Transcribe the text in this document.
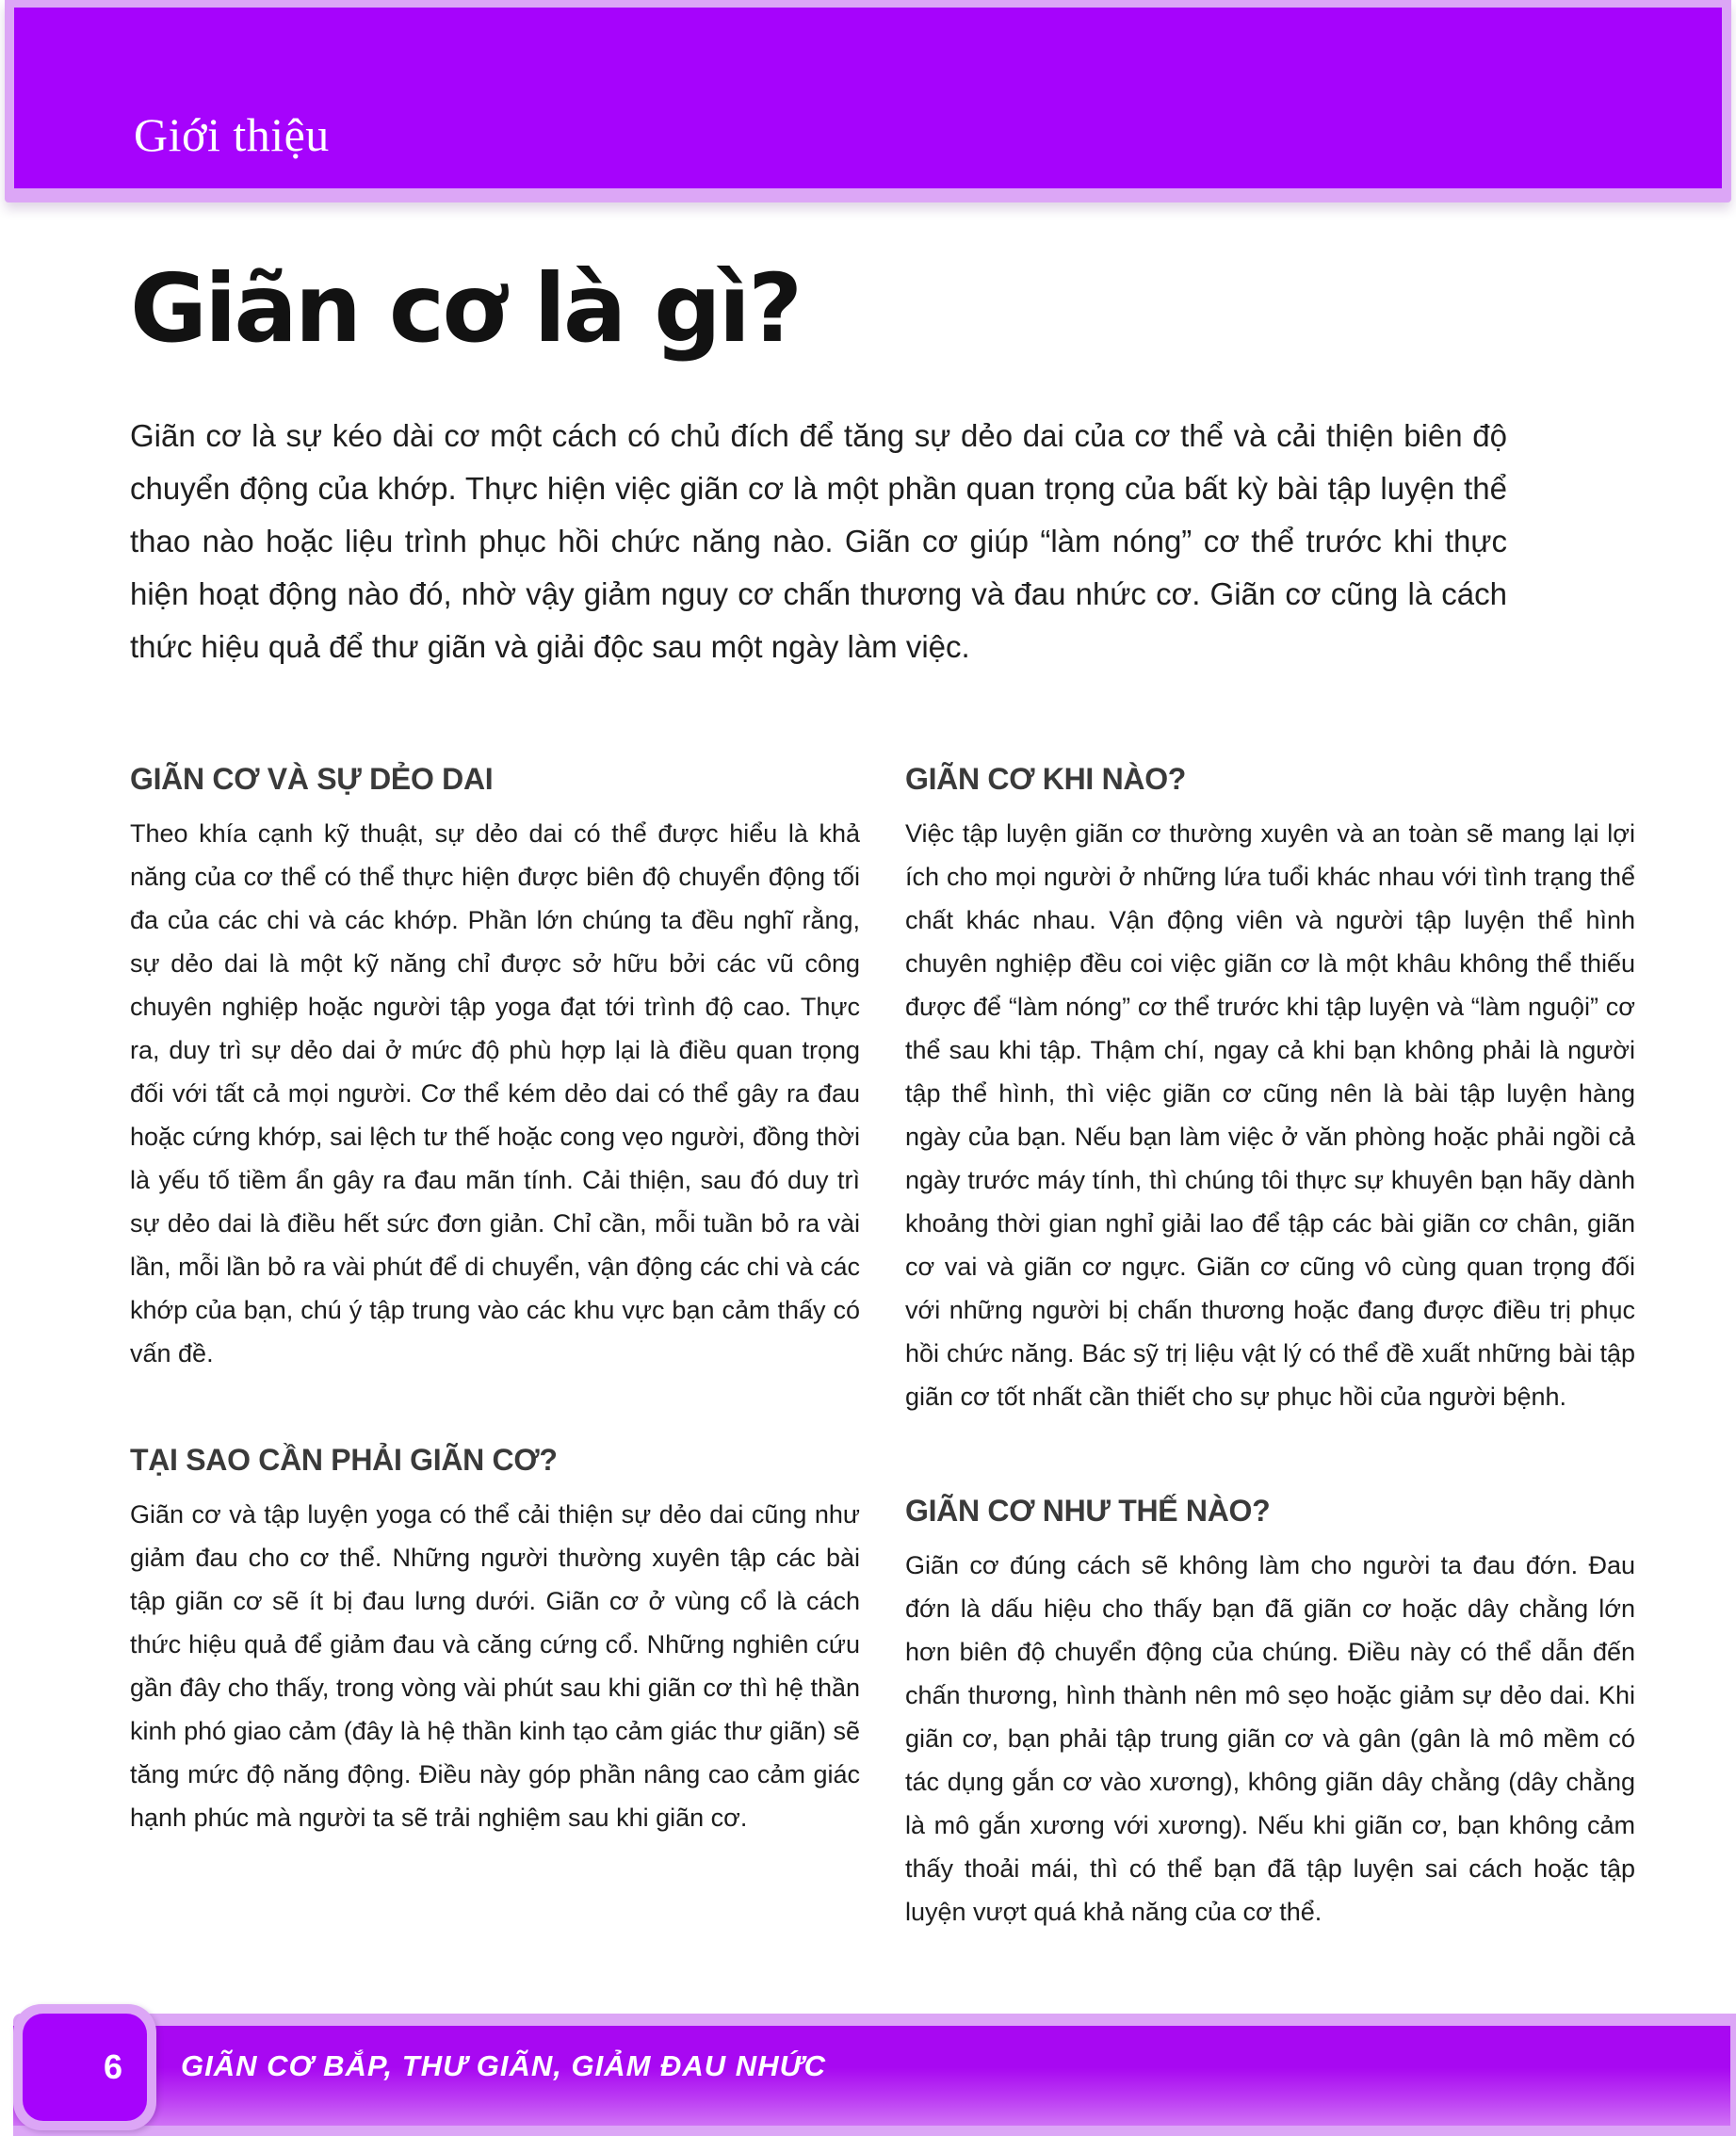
Giới thiệu
Giãn cơ là gì?

Giãn cơ là sự kéo dài cơ một cách có chủ đích để tăng sự dẻo dai của cơ thể và cải thiện biên độ chuyển động của khớp. Thực hiện việc giãn cơ là một phần quan trọng của bất kỳ bài tập luyện thể thao nào hoặc liệu trình phục hồi chức năng nào. Giãn cơ giúp “làm nóng” cơ thể trước khi thực hiện hoạt động nào đó, nhờ vậy giảm nguy cơ chấn thương và đau nhức cơ. Giãn cơ cũng là cách thức hiệu quả để thư giãn và giải độc sau một ngày làm việc.

GIÃN CƠ VÀ SỰ DẺO DAI

Theo khía cạnh kỹ thuật, sự dẻo dai có thể được hiểu là khả năng của cơ thể có thể thực hiện được biên độ chuyển động tối đa của các chi và các khớp. Phần lớn chúng ta đều nghĩ rằng, sự dẻo dai là một kỹ năng chỉ được sở hữu bởi các vũ công chuyên nghiệp hoặc người tập yoga đạt tới trình độ cao. Thực ra, duy trì sự dẻo dai ở mức độ phù hợp lại là điều quan trọng đối với tất cả mọi người. Cơ thể kém dẻo dai có thể gây ra đau hoặc cứng khớp, sai lệch tư thế hoặc cong vẹo người, đồng thời là yếu tố tiềm ẩn gây ra đau mãn tính. Cải thiện, sau đó duy trì sự dẻo dai là điều hết sức đơn giản. Chỉ cần, mỗi tuần bỏ ra vài lần, mỗi lần bỏ ra vài phút để di chuyển, vận động các chi và các khớp của bạn, chú ý tập trung vào các khu vực bạn cảm thấy có vấn đề.

TẠI SAO CẦN PHẢI GIÃN CƠ?

Giãn cơ và tập luyện yoga có thể cải thiện sự dẻo dai cũng như giảm đau cho cơ thể. Những người thường xuyên tập các bài tập giãn cơ sẽ ít bị đau lưng dưới. Giãn cơ ở vùng cổ là cách thức hiệu quả để giảm đau và căng cứng cổ. Những nghiên cứu gần đây cho thấy, trong vòng vài phút sau khi giãn cơ thì hệ thần kinh phó giao cảm (đây là hệ thần kinh tạo cảm giác thư giãn) sẽ tăng mức độ năng động. Điều này góp phần nâng cao cảm giác hạnh phúc mà người ta sẽ trải nghiệm sau khi giãn cơ.

GIÃN CƠ KHI NÀO?

Việc tập luyện giãn cơ thường xuyên và an toàn sẽ mang lại lợi ích cho mọi người ở những lứa tuổi khác nhau với tình trạng thể chất khác nhau. Vận động viên và người tập luyện thể hình chuyên nghiệp đều coi việc giãn cơ là một khâu không thể thiếu được để “làm nóng” cơ thể trước khi tập luyện và “làm nguội” cơ thể sau khi tập. Thậm chí, ngay cả khi bạn không phải là người tập thể hình, thì việc giãn cơ cũng nên là bài tập luyện hàng ngày của bạn. Nếu bạn làm việc ở văn phòng hoặc phải ngồi cả ngày trước máy tính, thì chúng tôi thực sự khuyên bạn hãy dành khoảng thời gian nghỉ giải lao để tập các bài giãn cơ chân, giãn cơ vai và giãn cơ ngực. Giãn cơ cũng vô cùng quan trọng đối với những người bị chấn thương hoặc đang được điều trị phục hồi chức năng. Bác sỹ trị liệu vật lý có thể đề xuất những bài tập giãn cơ tốt nhất cần thiết cho sự phục hồi của người bệnh.

GIÃN CƠ NHƯ THẾ NÀO?

Giãn cơ đúng cách sẽ không làm cho người ta đau đớn. Đau đớn là dấu hiệu cho thấy bạn đã giãn cơ hoặc dây chằng lớn hơn biên độ chuyển động của chúng. Điều này có thể dẫn đến chấn thương, hình thành nên mô sẹo hoặc giảm sự dẻo dai. Khi giãn cơ, bạn phải tập trung giãn cơ và gân (gân là mô mềm có tác dụng gắn cơ vào xương), không giãn dây chằng (dây chằng là mô gắn xương với xương). Nếu khi giãn cơ, bạn không cảm thấy thoải mái, thì có thể bạn đã tập luyện sai cách hoặc tập luyện vượt quá khả năng của cơ thể.

6 GIÃN CƠ BẮP, THƯ GIÃN, GIẢM ĐAU NHỨC
